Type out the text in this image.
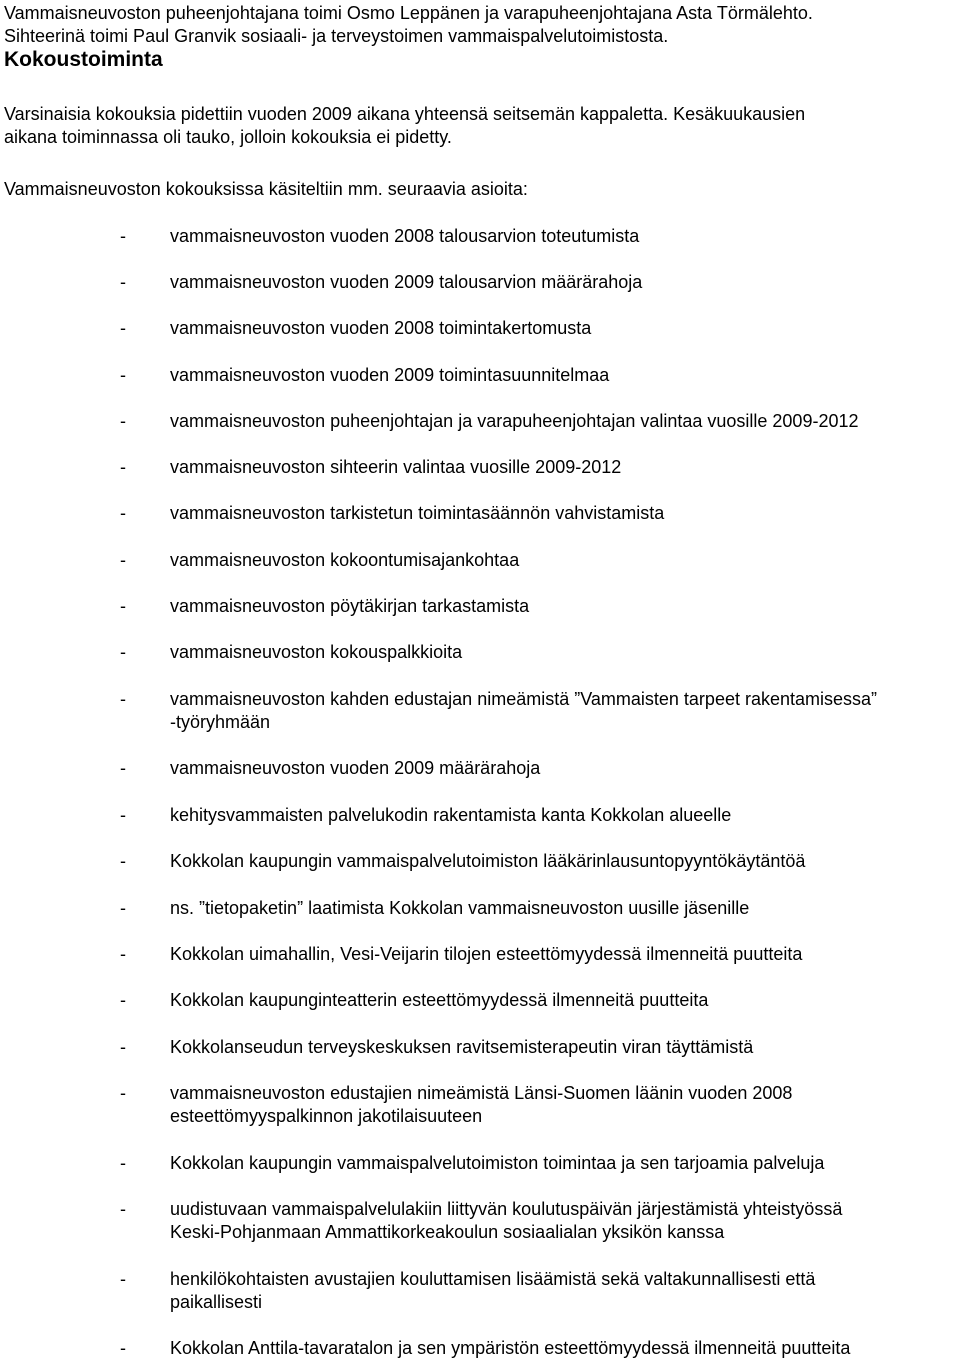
Vammaisneuvoston puheenjohtajana toimi Osmo Leppänen ja varapuheenjohtajana Asta Törmälehto.
Sihteerinä toimi Paul Granvik sosiaali- ja terveystoimen vammaispalvelutoimistosta.
Kokoustoiminta
Varsinaisia kokouksia pidettiin vuoden 2009 aikana yhteensä seitsemän kappaletta. Kesäkuukausien
aikana toiminnassa oli tauko, jolloin kokouksia ei pidetty.
Vammaisneuvoston kokouksissa käsiteltiin mm. seuraavia asioita:
- vammaisneuvoston vuoden 2008 talousarvion toteutumista
- vammaisneuvoston vuoden 2009 talousarvion määrärahoja
- vammaisneuvoston vuoden 2008 toimintakertomusta
- vammaisneuvoston vuoden 2009 toimintasuunnitelmaa
- vammaisneuvoston puheenjohtajan ja varapuheenjohtajan valintaa vuosille 2009-2012
- vammaisneuvoston sihteerin valintaa vuosille 2009-2012
- vammaisneuvoston tarkistetun toimintasäännön vahvistamista
- vammaisneuvoston kokoontumisajankohtaa
- vammaisneuvoston pöytäkirjan tarkastamista
- vammaisneuvoston kokouspalkkioita
- vammaisneuvoston kahden edustajan nimeämistä ”Vammaisten tarpeet rakentamisessa”
-työryhmään
- vammaisneuvoston vuoden 2009 määrärahoja
- kehitysvammaisten palvelukodin rakentamista kanta Kokkolan alueelle
- Kokkolan kaupungin vammaispalvelutoimiston lääkärinlausuntopyyntökäytäntöä
- ns. ”tietopaketin” laatimista Kokkolan vammaisneuvoston uusille jäsenille
- Kokkolan uimahallin, Vesi-Veijarin tilojen esteettömyydessä ilmenneitä puutteita
- Kokkolan kaupunginteatterin esteettömyydessä ilmenneitä puutteita
- Kokkolanseudun terveyskeskuksen ravitsemisterapeutin viran täyttämistä
- vammaisneuvoston edustajien nimeämistä Länsi-Suomen läänin vuoden 2008
esteettömyyspalkinnon jakotilaisuuteen
- Kokkolan kaupungin vammaispalvelutoimiston toimintaa ja sen tarjoamia palveluja
- uudistuvaan vammaispalvelulakiin liittyvän koulutuspäivän järjestämistä yhteistyössä
Keski-Pohjanmaan Ammattikorkeakoulun sosiaalialan yksikön kanssa
- henkilökohtaisten avustajien kouluttamisen lisäämistä sekä valtakunnallisesti että
paikallisesti
- Kokkolan Anttila-tavaratalon ja sen ympäristön esteettömyydessä ilmenneitä puutteita
